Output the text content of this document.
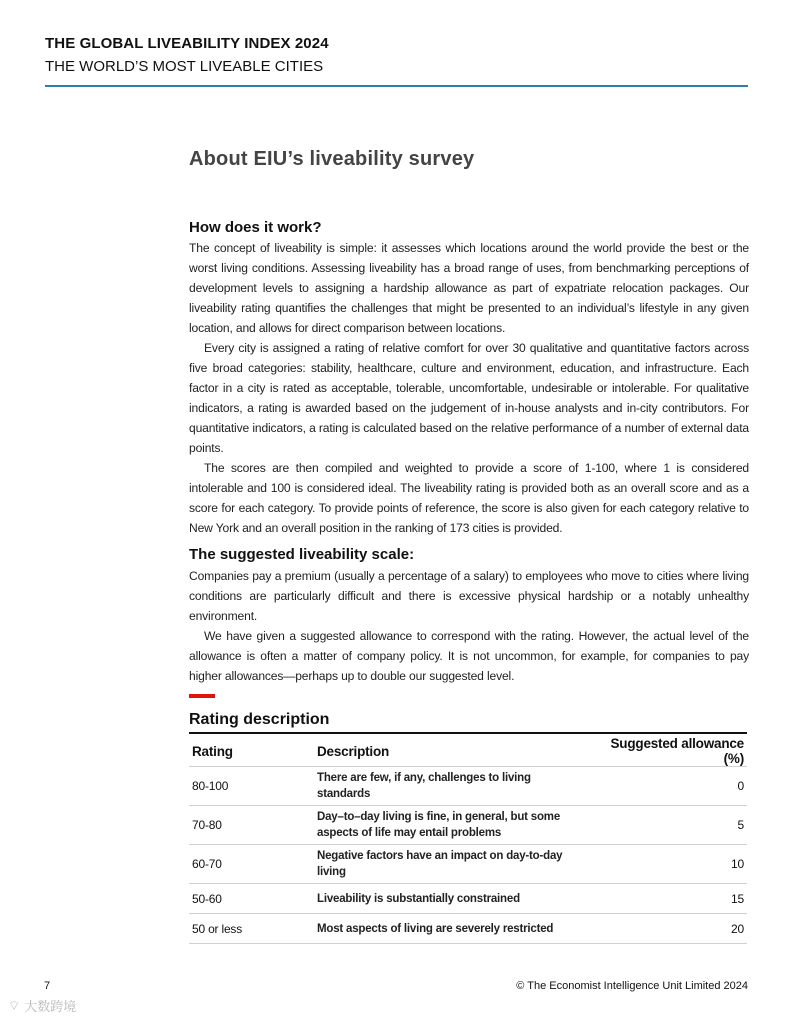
THE GLOBAL LIVEABILITY INDEX 2024
THE WORLD’S MOST LIVEABLE CITIES
About EIU’s liveability survey
How does it work?

The concept of liveability is simple: it assesses which locations around the world provide the best or the worst living conditions. Assessing liveability has a broad range of uses, from benchmarking perceptions of development levels to assigning a hardship allowance as part of expatriate relocation packages. Our liveability rating quantifies the challenges that might be presented to an individual’s lifestyle in any given location, and allows for direct comparison between locations.

Every city is assigned a rating of relative comfort for over 30 qualitative and quantitative factors across five broad categories: stability, healthcare, culture and environment, education, and infrastructure. Each factor in a city is rated as acceptable, tolerable, uncomfortable, undesirable or intolerable. For qualitative indicators, a rating is awarded based on the judgement of in-house analysts and in-city contributors. For quantitative indicators, a rating is calculated based on the relative performance of a number of external data points.

The scores are then compiled and weighted to provide a score of 1-100, where 1 is considered intolerable and 100 is considered ideal. The liveability rating is provided both as an overall score and as a score for each category. To provide points of reference, the score is also given for each category relative to New York and an overall position in the ranking of 173 cities is provided.

The suggested liveability scale:

Companies pay a premium (usually a percentage of a salary) to employees who move to cities where living conditions are particularly difficult and there is excessive physical hardship or a notably unhealthy environment.

We have given a suggested allowance to correspond with the rating. However, the actual level of the allowance is often a matter of company policy. It is not uncommon, for example, for companies to pay higher allowances—perhaps up to double our suggested level.

Rating description
Rating	Description	Suggested allowance (%)
80-100	There are few, if any, challenges to living standards	0
70-80	Day–to–day living is fine, in general, but some aspects of life may entail problems	5
60-70	Negative factors have an impact on day-to-day living	10
50-60	Liveability is substantially constrained	15
50 or less	Most aspects of living are severely restricted	20
7	© The Economist Intelligence Unit Limited 2024
⌔ 大数跨境
